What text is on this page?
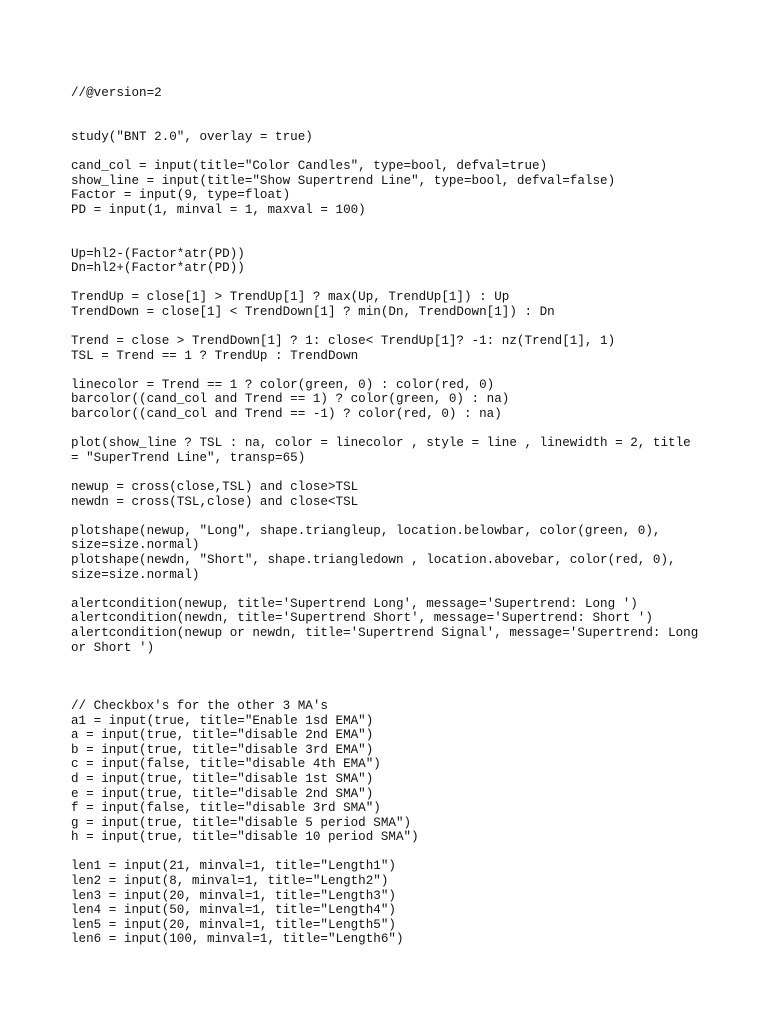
//@version=2
study("BNT 2.0", overlay = true)
cand_col = input(title="Color Candles", type=bool, defval=true)
show_line = input(title="Show Supertrend Line", type=bool, defval=false)
Factor = input(9, type=float)
PD = input(1, minval = 1, maxval = 100)
Up=hl2-(Factor*atr(PD))
Dn=hl2+(Factor*atr(PD))
TrendUp = close[1] > TrendUp[1] ? max(Up, TrendUp[1]) : Up
TrendDown = close[1] < TrendDown[1] ? min(Dn, TrendDown[1]) : Dn
Trend = close > TrendDown[1] ? 1: close< TrendUp[1]? -1: nz(Trend[1], 1)
TSL = Trend == 1 ? TrendUp : TrendDown
linecolor = Trend == 1 ? color(green, 0) : color(red, 0)
barcolor((cand_col and Trend == 1) ? color(green, 0) : na)
barcolor((cand_col and Trend == -1) ? color(red, 0) : na)
plot(show_line ? TSL : na, color = linecolor , style = line , linewidth = 2, title
= "SuperTrend Line", transp=65)
newup = cross(close,TSL) and close>TSL
newdn = cross(TSL,close) and close<TSL
plotshape(newup, "Long", shape.triangleup, location.belowbar, color(green, 0),
size=size.normal)
plotshape(newdn, "Short", shape.triangledown , location.abovebar, color(red, 0),
size=size.normal)
alertcondition(newup, title='Supertrend Long', message='Supertrend: Long ')
alertcondition(newdn, title='Supertrend Short', message='Supertrend: Short ')
alertcondition(newup or newdn, title='Supertrend Signal', message='Supertrend: Long
or Short ')
// Checkbox's for the other 3 MA's
a1 = input(true, title="Enable 1sd EMA")
a = input(true, title="disable 2nd EMA")
b = input(true, title="disable 3rd EMA")
c = input(false, title="disable 4th EMA")
d = input(true, title="disable 1st SMA")
e = input(true, title="disable 2nd SMA")
f = input(false, title="disable 3rd SMA")
g = input(true, title="disable 5 period SMA")
h = input(true, title="disable 10 period SMA")
len1 = input(21, minval=1, title="Length1")
len2 = input(8, minval=1, title="Length2")
len3 = input(20, minval=1, title="Length3")
len4 = input(50, minval=1, title="Length4")
len5 = input(20, minval=1, title="Length5")
len6 = input(100, minval=1, title="Length6")
